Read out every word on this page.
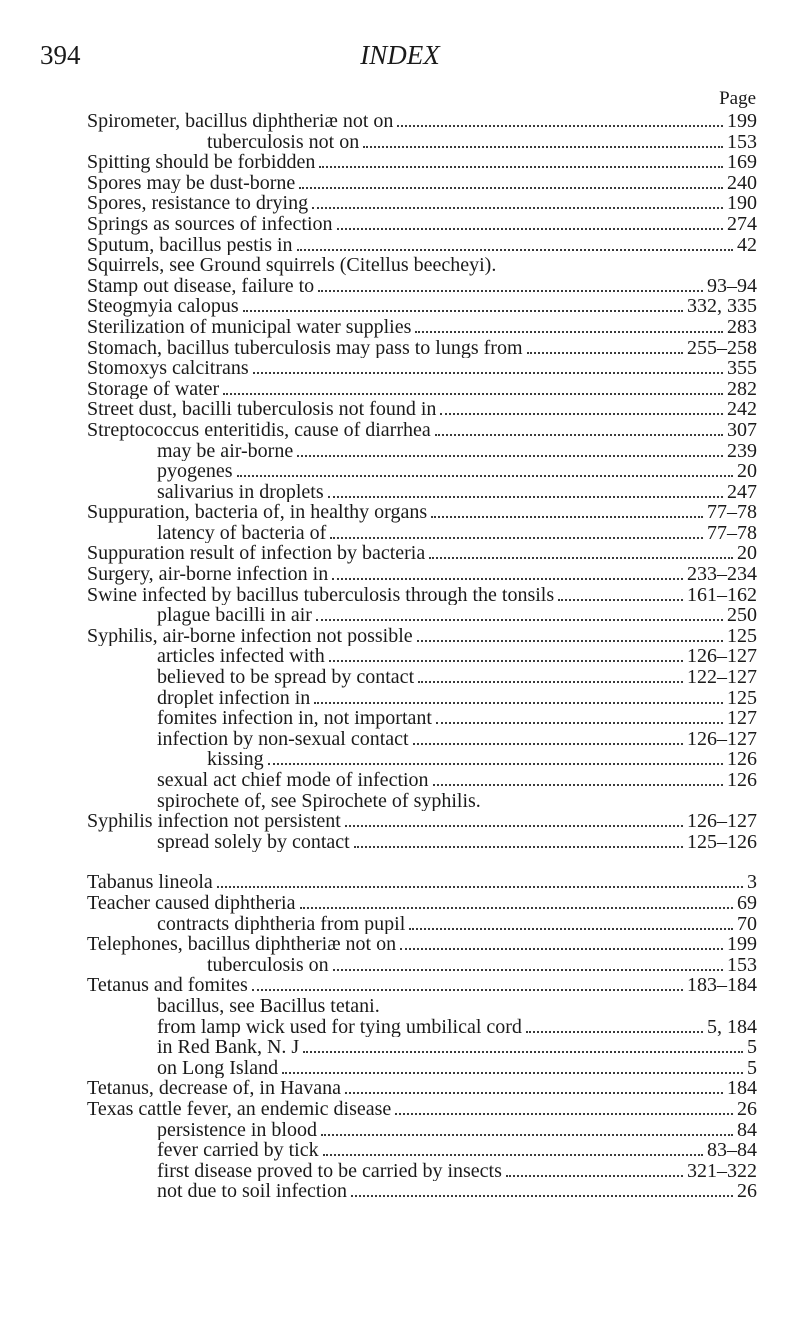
394	INDEX
Page
Spirometer, bacillus diphtheriæ not on	199
tuberculosis not on	153
Spitting should be forbidden	169
Spores may be dust-borne	240
Spores, resistance to drying	190
Springs as sources of infection	274
Sputum, bacillus pestis in	42
Squirrels, see Ground squirrels (Citellus beecheyi).
Stamp out disease, failure to	93–94
Steogmyia calopus	332, 335
Sterilization of municipal water supplies	283
Stomach, bacillus tuberculosis may pass to lungs from	255–258
Stomoxys calcitrans	355
Storage of water	282
Street dust, bacilli tuberculosis not found in	242
Streptococcus enteritidis, cause of diarrhea	307
may be air-borne	239
pyogenes	20
salivarius in droplets	247
Suppuration, bacteria of, in healthy organs	77–78
latency of bacteria of	77–78
Suppuration result of infection by bacteria	20
Surgery, air-borne infection in	233–234
Swine infected by bacillus tuberculosis through the tonsils	161–162
plague bacilli in air	250
Syphilis, air-borne infection not possible	125
articles infected with	126–127
believed to be spread by contact	122–127
droplet infection in	125
fomites infection in, not important	127
infection by non-sexual contact	126–127
kissing	126
sexual act chief mode of infection	126
spirochete of, see Spirochete of syphilis.
Syphilis infection not persistent	126–127
spread solely by contact	125–126
Tabanus lineola	3
Teacher caused diphtheria	69
contracts diphtheria from pupil	70
Telephones, bacillus diphtheriæ not on	199
tuberculosis on	153
Tetanus and fomites	183–184
bacillus, see Bacillus tetani.
from lamp wick used for tying umbilical cord	5, 184
in Red Bank, N. J	5
on Long Island	5
Tetanus, decrease of, in Havana	184
Texas cattle fever, an endemic disease	26
persistence in blood	84
fever carried by tick	83–84
first disease proved to be carried by insects	321–322
not due to soil infection	26
